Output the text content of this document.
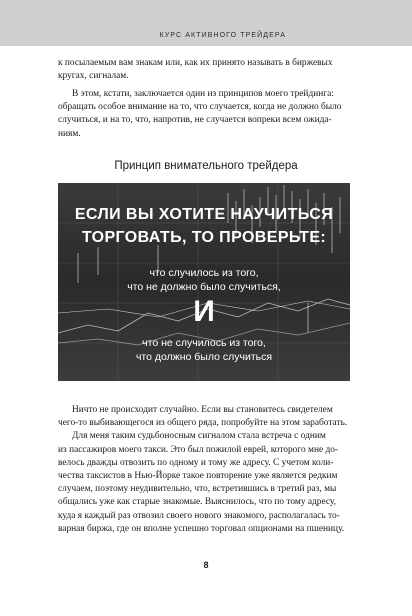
КУРС АКТИВНОГО ТРЕЙДЕРА

к посылаемым вам знакам или, как их принято называть в биржевых

кругах, сигналам.

В этом, кстати, заключается один из принципов моего трейдинга:

обращать особое внимание на то, что случается, когда не должно было

случиться, и на то, что, напротив, не случается вопреки всем ожида-

ниям.

Принцип внимательного трейдера
ЕСЛИ ВЫ ХОТИТЕ НАУЧИТЬСЯ
ТОРГОВАТЬ, ТО ПРОВЕРЬТЕ:
что случилось из того,
что не должно было случиться,
И
что не случилось из того,
что должно было случиться

Ничто не происходит случайно. Если вы становитесь свидетелем

чего-то выбивающегося из общего ряда, попробуйте на этом заработать.

Для меня таким судьбоносным сигналом стала встреча с одним

из пассажиров моего такси. Это был пожилой еврей, которого мне до-

велось дважды отвозить по одному и тому же адресу. С учетом коли-

чества таксистов в Нью-Йорке такое повторение уже является редким

случаем, поэтому неудивительно, что, встретившись в третий раз, мы

общались уже как старые знакомые. Выяснилось, что по тому адресу,

куда я каждый раз отвозил своего нового знакомого, располагалась то-

варная биржа, где он вполне успешно торговал опционами на пшеницу.

8
